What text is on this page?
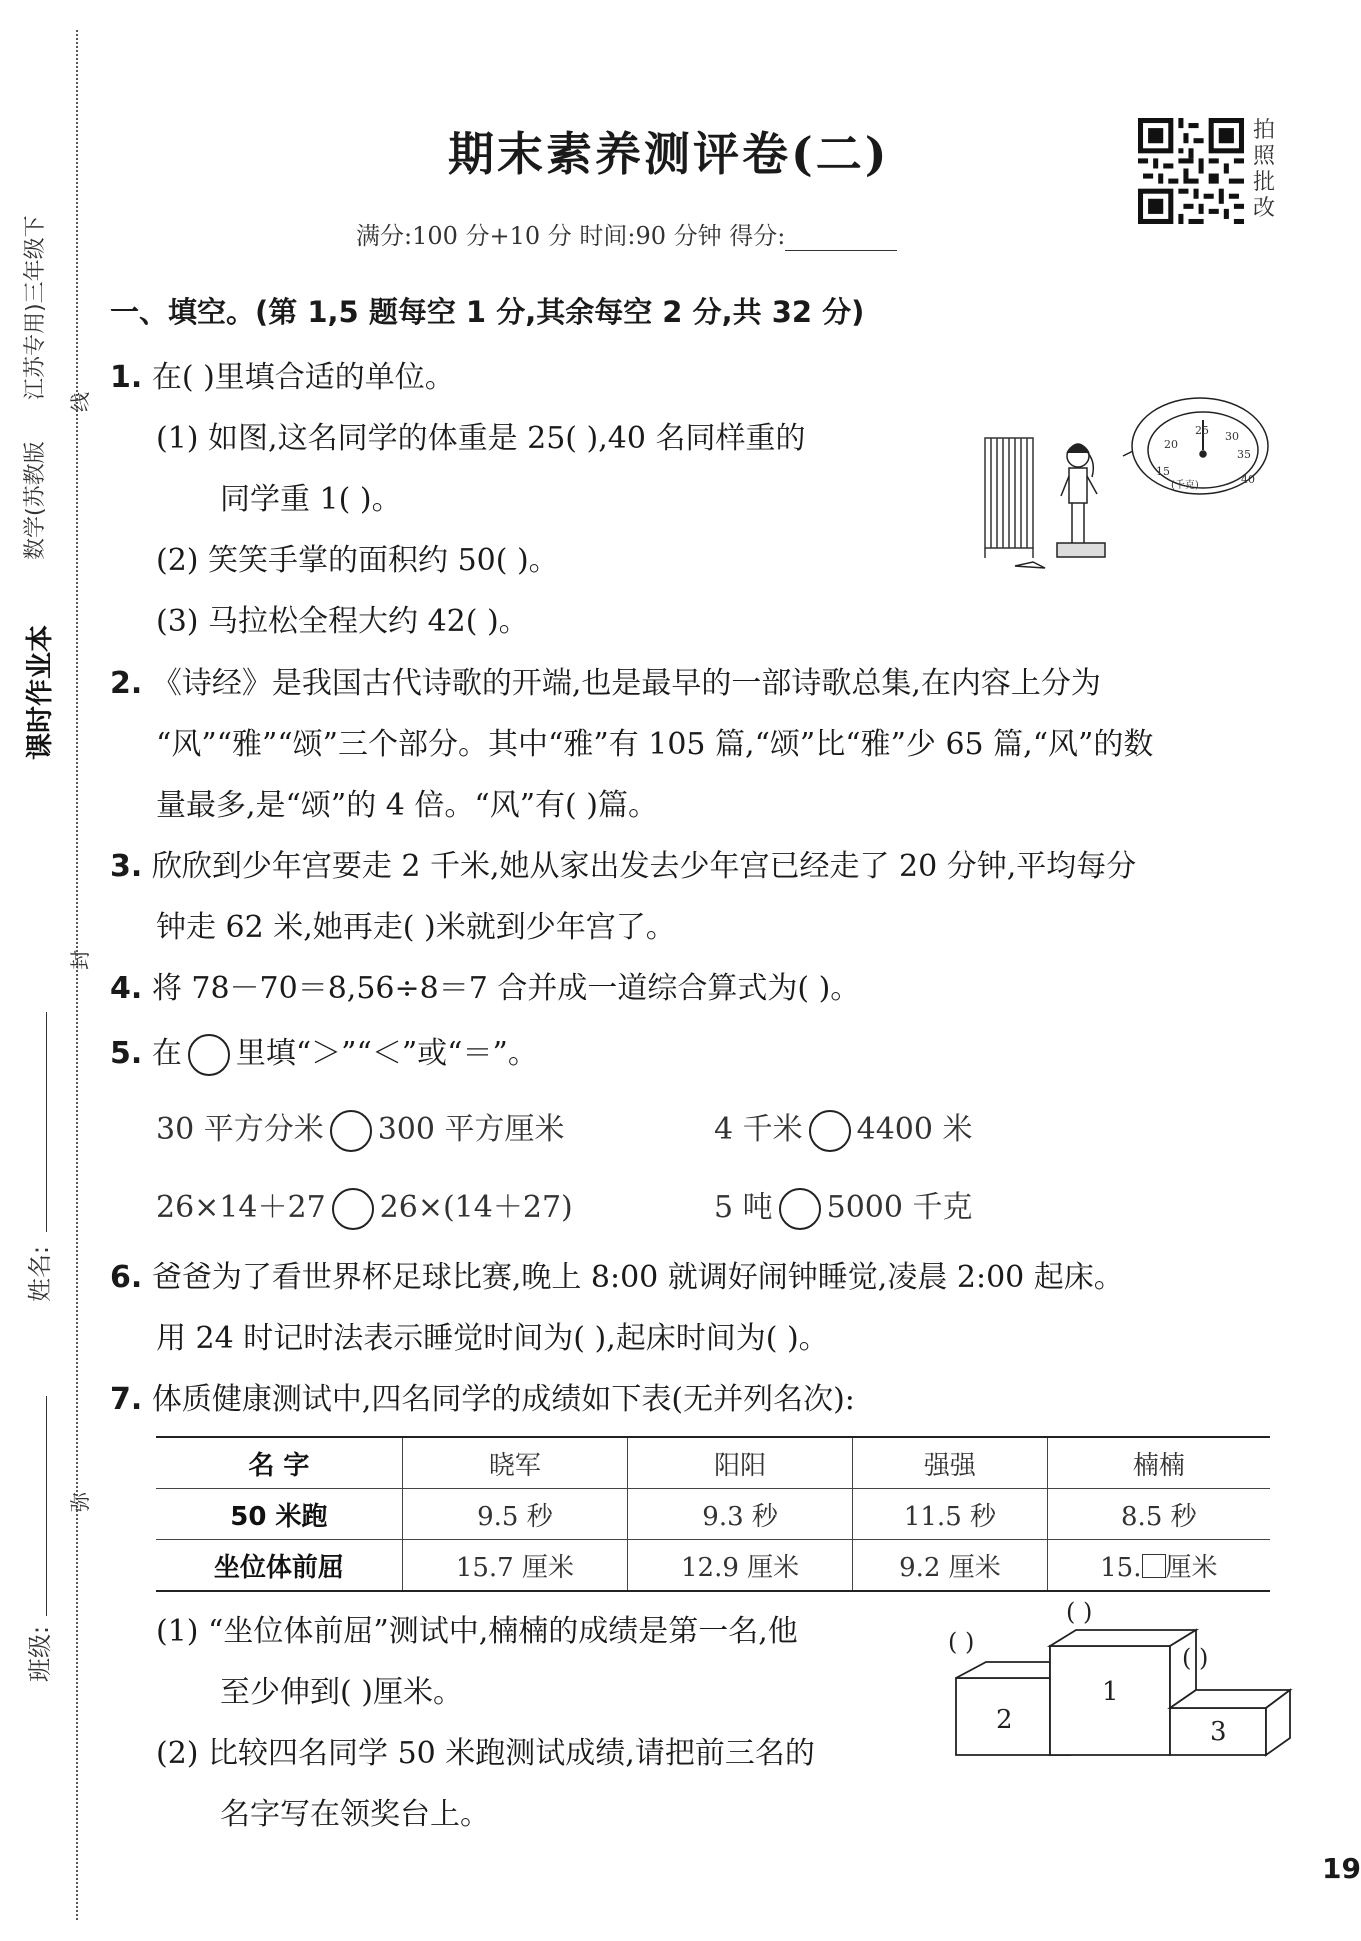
课时作业本
数学(苏教版
江苏专用)三年级下
线
封
弥
姓名:
班级:
期末素养测评卷(二)
满分:100 分+10 分 时间:90 分钟 得分:
拍照批改
一、填空。(第 1,5 题每空 1 分,其余每空 2 分,共 32 分)
1. 在( )里填合适的单位。
(1) 如图,这名同学的体重是 25( ),40 名同样重的
同学重 1( )。
(2) 笑笑手掌的面积约 50( )。
(3) 马拉松全程大约 42( )。
15
20
25 30
35
40
(千克)
2. 《诗经》是我国古代诗歌的开端,也是最早的一部诗歌总集,在内容上分为
“风”“雅”“颂”三个部分。其中“雅”有 105 篇,“颂”比“雅”少 65 篇,“风”的数
量最多,是“颂”的 4 倍。“风”有( )篇。
3. 欣欣到少年宫要走 2 千米,她从家出发去少年宫已经走了 20 分钟,平均每分
钟走 62 米,她再走( )米就到少年宫了。
4. 将 78－70＝8,56÷8＝7 合并成一道综合算式为( )。
5. 在 里填“＞”“＜”或“＝”。
30 平方分米 300 平方厘米	4 千米 4400 米
26×14＋27 26×(14＋27)	5 吨 5000 千克
6. 爸爸为了看世界杯足球比赛,晚上 8:00 就调好闹钟睡觉,凌晨 2:00 起床。
用 24 时记时法表示睡觉时间为( ),起床时间为( )。
7. 体质健康测试中,四名同学的成绩如下表(无并列名次):
名 字	晓军	阳阳	强强	楠楠
50 米跑	9.5 秒	9.3 秒	11.5 秒	8.5 秒
坐位体前屈	15.7 厘米	12.9 厘米	9.2 厘米	15. 厘米
(1) “坐位体前屈”测试中,楠楠的成绩是第一名,他
至少伸到( )厘米。
(2) 比较四名同学 50 米跑测试成绩,请把前三名的
名字写在领奖台上。
1
2	3
( )
( )
( )
19
